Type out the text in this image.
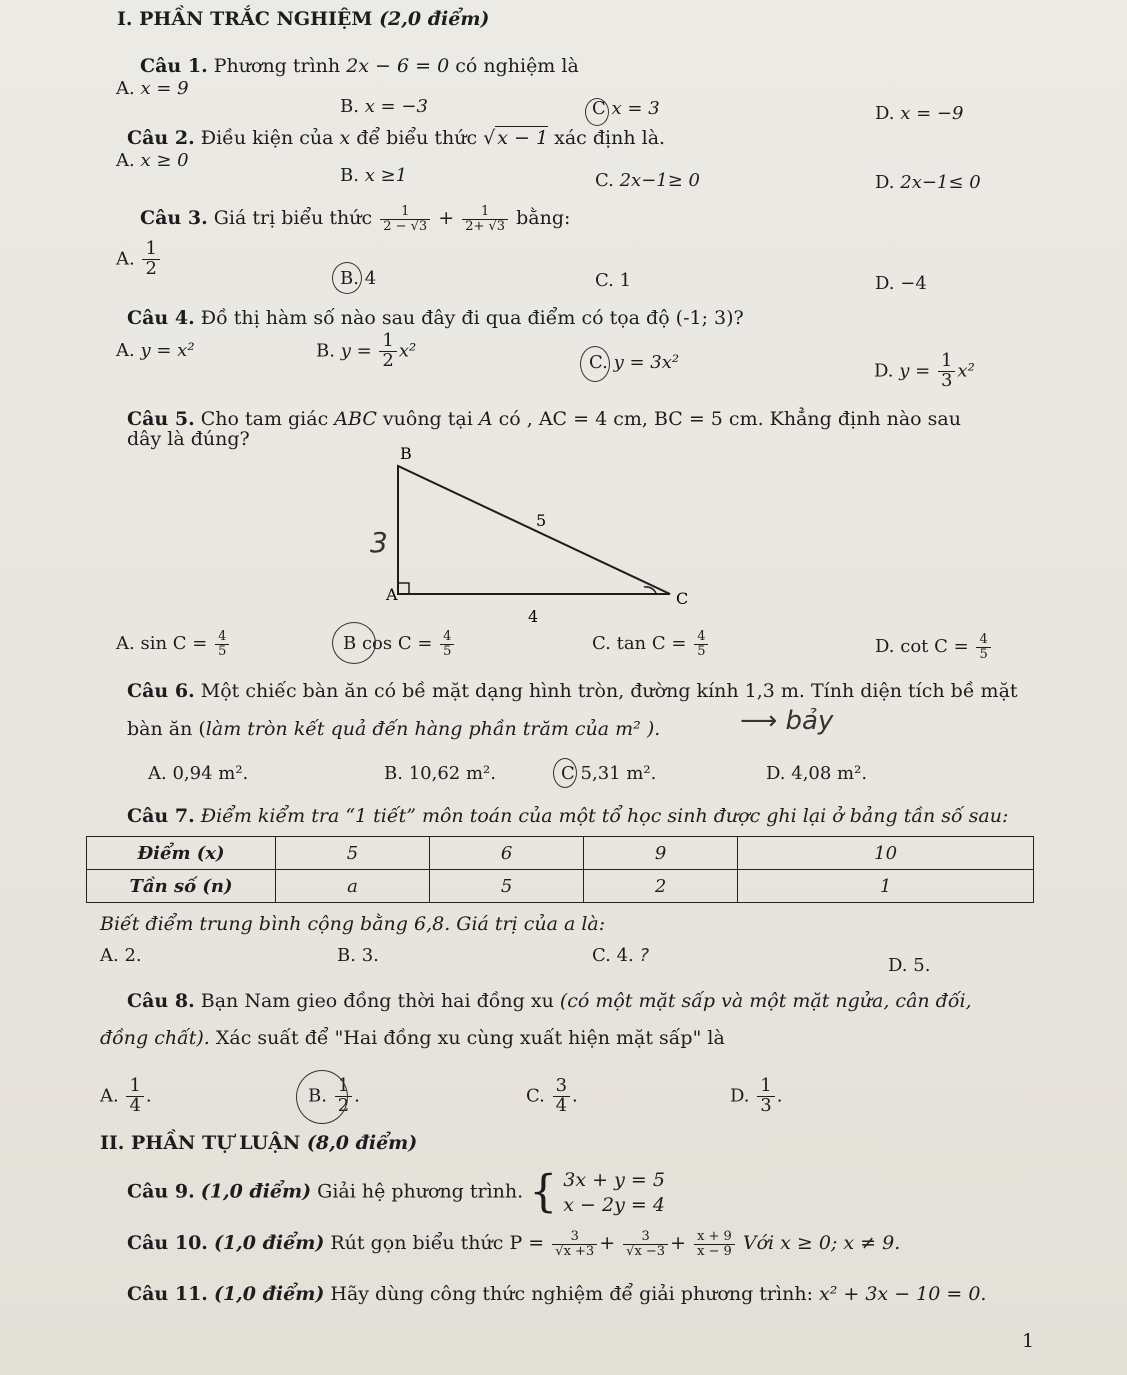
I. PHẦN TRẮC NGHIỆM (2,0 điểm)
Câu 1. Phương trình 2x − 6 = 0 có nghiệm là
A. x = 9
B. x = −3	C x = 3	D. x = −9
Câu 2. Điều kiện của x để biểu thức √ x − 1 xác định là.
A. x ≥ 0
B. x ≥1	C. 2x−1≥ 0	D. 2x−1≤ 0
Câu 3. Giá trị biểu thức $\frac{1}{2 - √3} + \frac{1}{2+ √3}$ bằng:
A. $\frac{1}{2}$	B. 4	C. 1	D. −4
Câu 4. Đồ thị hàm số nào sau đây đi qua điểm có tọa độ (-1; 3)?
A. y = x²	B. $y = \frac{1}{2} x^2$
C. y = 3x²	D. $y = \frac{1}{3} x^2$
Câu 5. Cho tam giác ABC vuông tại A có , AC = 4 cm, BC = 5 cm. Khẳng định nào sau
dây là đúng?
B
A	C
5
4
3
A. $\sin C = \frac{4}{5}$	B $\cos C = \frac{4}{5}$	C. $\tan C = \frac{4}{5}$	D. $\cot C = \frac{4}{5}$
Câu 6. Một chiếc bàn ăn có bề mặt dạng hình tròn, đường kính 1,3 m. Tính diện tích bề mặt
bàn ăn (làm tròn kết quả đến hàng phần trăm của m² ).	⟶ bảy
A. 0,94 m².	B. 10,62 m².	C 5,31 m².	D. 4,08 m².
Câu 7. Điểm kiểm tra “1 tiết” môn toán của một tổ học sinh được ghi lại ở bảng tần số sau:
Điểm (x)	5	6	9	10
Tần số (n)	a	5	2	1
Biết điểm trung bình cộng bằng 6,8. Giá trị của a là:
A. 2.	B. 3.	C. 4. ?	D. 5.
Câu 8. Bạn Nam gieo đồng thời hai đồng xu (có một mặt sấp và một mặt ngửa, cân đối,
đồng chất). Xác suất để "Hai đồng xu cùng xuất hiện mặt sấp" là
A. $\frac{1}{4}$ .	B. $\frac{1}{2}$ .	C. $\frac{3}{4}$ .	D. $\frac{1}{3}$ .
II. PHẦN TỰ LUẬN (8,0 điểm)
Câu 9. (1,0 điểm) Giải hệ phương trình. { 3x + y = 5
x − 2y = 4
Câu 10. (1,0 điểm) Rút gọn biểu thức $P = \frac{3}{√x +3} + \frac{3}{√x -3} + \frac{x + 9}{x - 9}$ Với x ≥ 0; x ≠ 9.
Câu 11. (1,0 điểm) Hãy dùng công thức nghiệm để giải phương trình: x² + 3x − 10 = 0.
1
